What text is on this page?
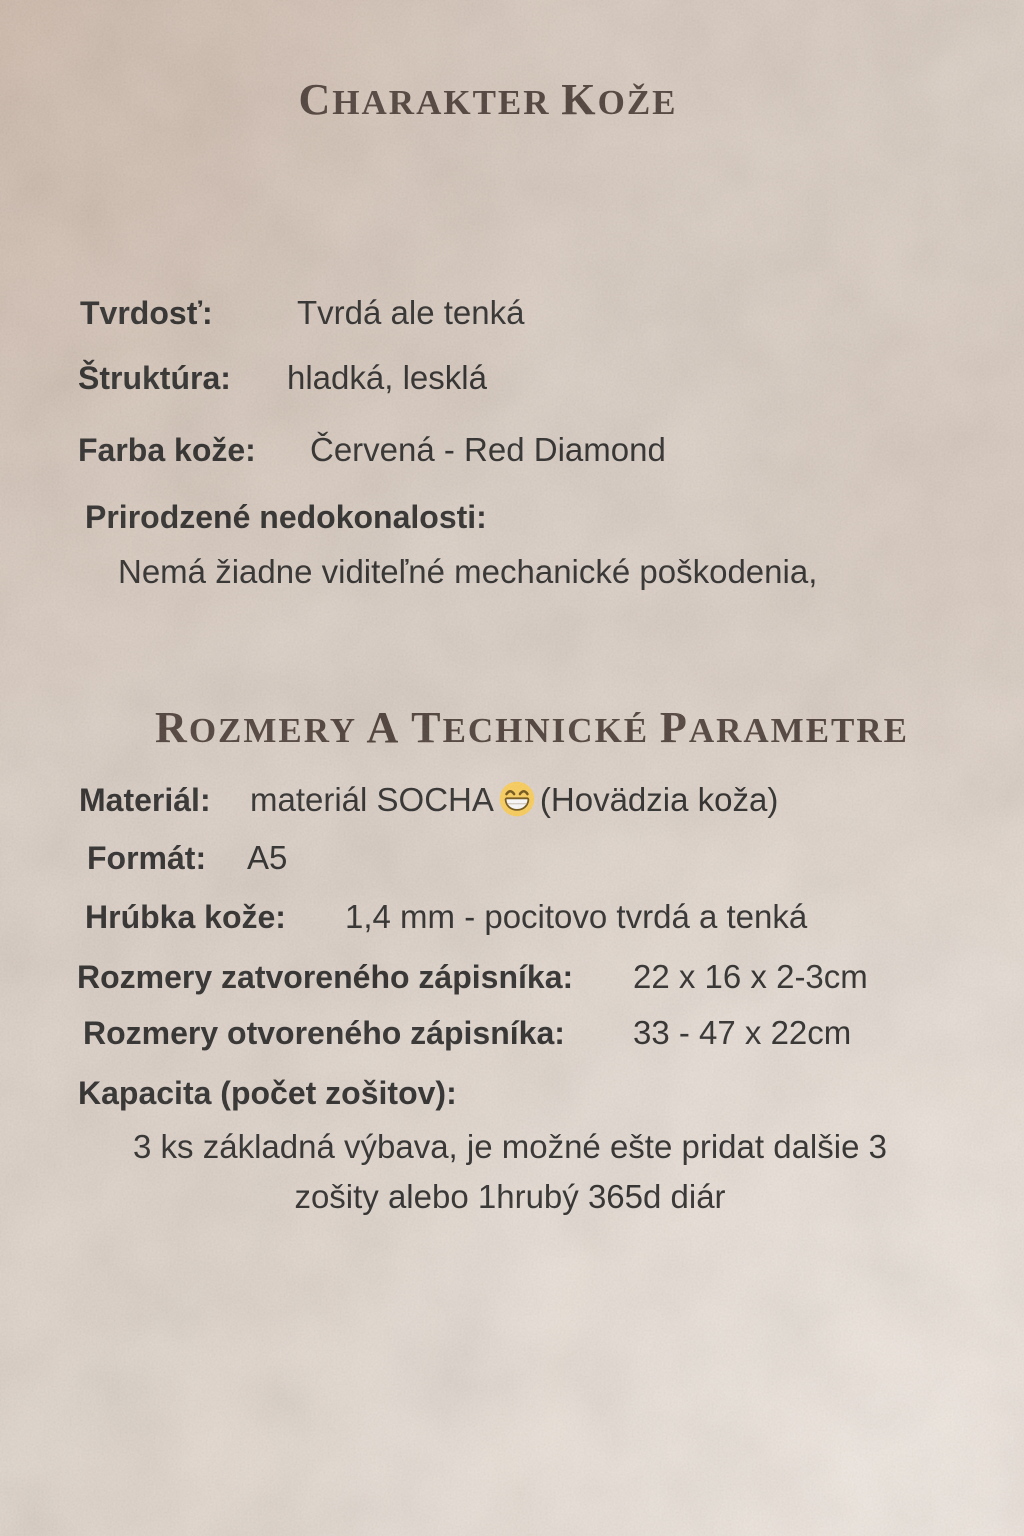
CHARAKTER KOŽE
Tvrdosť:	Tvrdá ale tenká
Štruktúra: hladká, lesklá
Farba kože: Červená - Red Diamond
Prirodzené nedokonalosti:
Nemá žiadne viditeľné mechanické poškodenia,
ROZMERY A TECHNICKÉ PARAMETRE
Materiál: materiál SOCHA (Hovädzia koža)
Formát: A5
Hrúbka kože: 1,4 mm - pocitovo tvrdá a tenká
Rozmery zatvoreného zápisníka: 22 x 16 x 2-3cm
Rozmery otvoreného zápisníka: 33 - 47 x 22cm
Kapacita (počet zošitov):
3 ks základná výbava, je možné ešte pridat dalšie 3
zošity alebo 1hrubý 365d diár
